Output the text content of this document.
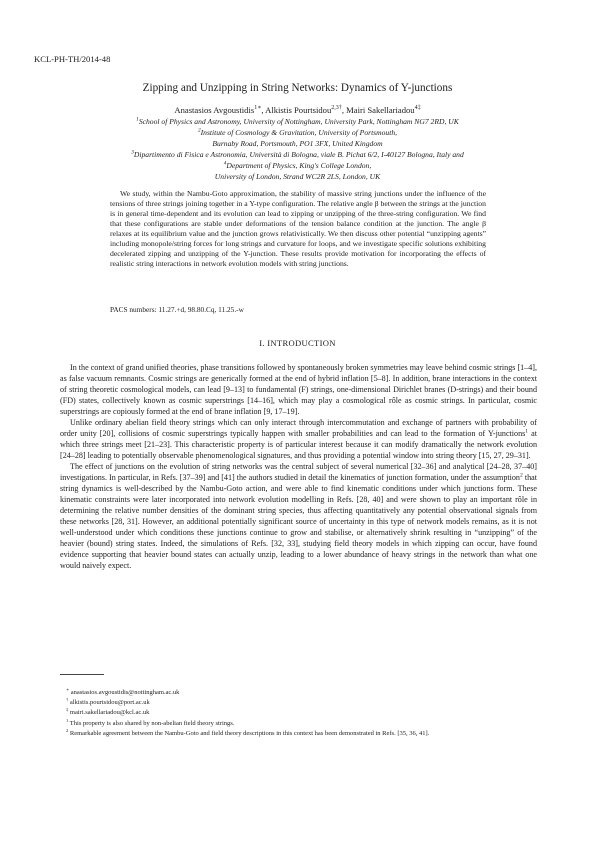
KCL-PH-TH/2014-48
Zipping and Unzipping in String Networks: Dynamics of Y-junctions
Anastasios Avgoustidis$^{1∗}$, Alkistis Pourtsidou$^{2,3\dagger}$, Mairi Sakellariadou$^{4\ddagger}$
$^1$School of Physics and Astronomy, University of Nottingham, University Park, Nottingham NG7 2RD, UK
$^2$Institute of Cosmology & Gravitation, University of Portsmouth,
Burnaby Road, Portsmouth, PO1 3FX, United Kingdom
$^3$Dipartimento di Fisica e Astronomia, Università di Bologna, viale B. Pichat 6/2, I-40127 Bologna, Italy and
$^4$Department of Physics, King's College London,
University of London, Strand WC2R 2LS, London, UK

We study, within the Nambu-Goto approximation, the stability of massive string junctions under the influence of the tensions of three strings joining together in a Y-type configuration. The relative angle β between the strings at the junction is in general time-dependent and its evolution can lead to zipping or unzipping of the three-string configuration. We find that these configurations are stable under deformations of the tension balance condition at the junction. The angle β relaxes at its equilibrium value and the junction grows relativistically. We then discuss other potential “unzipping agents” including monopole/string forces for long strings and curvature for loops, and we investigate specific solutions exhibiting decelerated zipping and unzipping of the Y-junction. These results provide motivation for incorporating the effects of realistic string interactions in network evolution models with string junctions.

PACS numbers: 11.27.+d, 98.80.Cq, 11.25.-w
I. INTRODUCTION

In the context of grand unified theories, phase transitions followed by spontaneously broken symmetries may leave behind cosmic strings [1–4], as false vacuum remnants. Cosmic strings are generically formed at the end of hybrid inflation [5–8]. In addition, brane interactions in the context of string theoretic cosmological models, can lead [9–13] to fundamental (F) strings, one-dimensional Dirichlet branes (D-strings) and their bound (FD) states, collectively known as cosmic superstrings [14–16], which may play a cosmological rôle as cosmic strings. In particular, cosmic superstrings are copiously formed at the end of brane inflation [9, 17–19].

Unlike ordinary abelian field theory strings which can only interact through intercommutation and exchange of partners with probability of order unity [20], collisions of cosmic superstrings typically happen with smaller probabilities and can lead to the formation of Y-junctions$^1$ at which three strings meet [21–23]. This characteristic property is of particular interest because it can modify dramatically the network evolution [24–28] leading to potentially observable phenomenological signatures, and thus providing a potential window into string theory [15, 27, 29–31].

The effect of junctions on the evolution of string networks was the central subject of several numerical [32–36] and analytical [24–28, 37–40] investigations. In particular, in Refs. [37–39] and [41] the authors studied in detail the kinematics of junction formation, under the assumption$^2$ that string dynamics is well-described by the Nambu-Goto action, and were able to find kinematic conditions under which junctions form. These kinematic constraints were later incorporated into network evolution modelling in Refs. [28, 40] and were shown to play an important rôle in determining the relative number densities of the dominant string species, thus affecting quantitatively any potential observational signals from these networks [28, 31]. However, an additional potentially significant source of uncertainty in this type of network models remains, as it is not well-understood under which conditions these junctions continue to grow and stabilise, or alternatively shrink resulting in “unzipping” of the heavier (bound) string states. Indeed, the simulations of Refs. [32, 33], studying field theory models in which zipping can occur, have found evidence supporting that heavier bound states can actually unzip, leading to a lower abundance of heavy strings in the network than what one would naively expect.

∗ anastasios.avgoustidis@nottingham.ac.uk
† alkistis.pourtsidou@port.ac.uk
‡ mairi.sakellariadou@kcl.ac.uk
$^1$ This property is also shared by non-abelian field theory strings.
$^2$ Remarkable agreement between the Nambu-Goto and field theory descriptions in this context has been demonstrated in Refs. [35, 36, 41].
